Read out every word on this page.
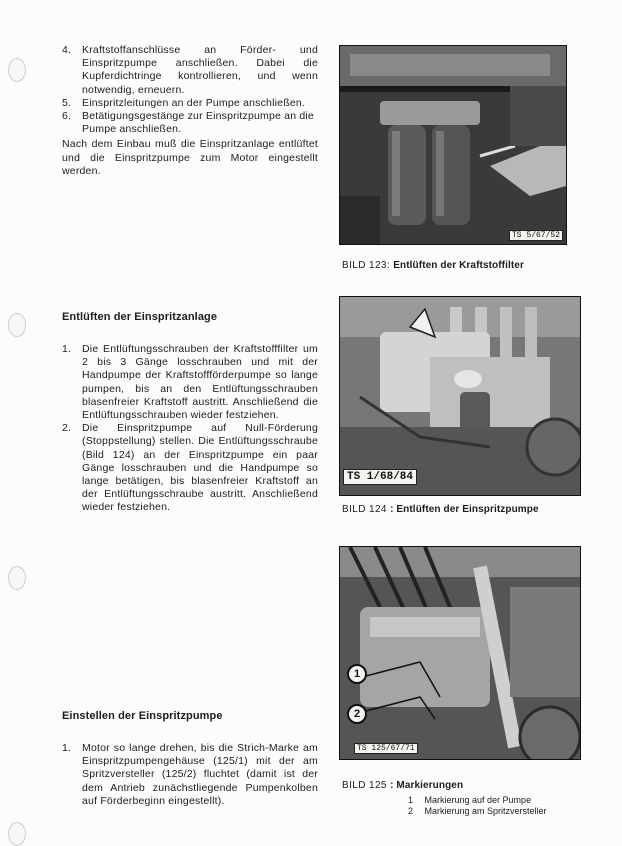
4. Kraftstoffanschlüsse an Förder- und Einspritzpumpe anschließen. Dabei die Kupferdichtringe kontrollieren, und wenn notwendig, erneuern.
5. Einspritzleitungen an der Pumpe anschließen.
6. Betätigungsgestänge zur Einspritzpumpe an die Pumpe anschließen.
Nach dem Einbau muß die Einspritzanlage entlüftet und die Einspritzpumpe zum Motor eingestellt werden.
TS 5/67/52
BILD 123: Entlüften der Kraftstoffilter
Entlüften der Einspritzanlage
1. Die Entlüftungsschrauben der Kraftstofffilter um 2 bis 3 Gänge losschrauben und mit der Handpumpe der Kraftstoffförderpumpe so lange pumpen, bis an den Entlüftungsschrauben blasenfreier Kraftstoff austritt. Anschließend die Entlüftungsschrauben wieder festziehen.
2. Die Einspritzpumpe auf Null-Förderung (Stoppstellung) stellen. Die Entlüftungsschraube (Bild 124) an der Einspritzpumpe ein paar Gänge losschrauben und die Handpumpe so lange betätigen, bis blasenfreier Kraftstoff an der Entlüftungsschraube austritt. Anschließend wieder festziehen.
TS 1/68/84
BILD 124 : Entlüften der Einspritzpumpe
1
2
TS 125/67/71
BILD 125 : Markierungen
1 Markierung auf der Pumpe
2 Markierung am Spritzversteller
Einstellen der Einspritzpumpe
1. Motor so lange drehen, bis die Strich-Marke am Einspritzpumpengehäuse (125/1) mit der am Spritzversteller (125/2) fluchtet (damit ist der dem Antrieb zunächstliegende Pumpenkolben auf Förderbeginn eingestellt).
